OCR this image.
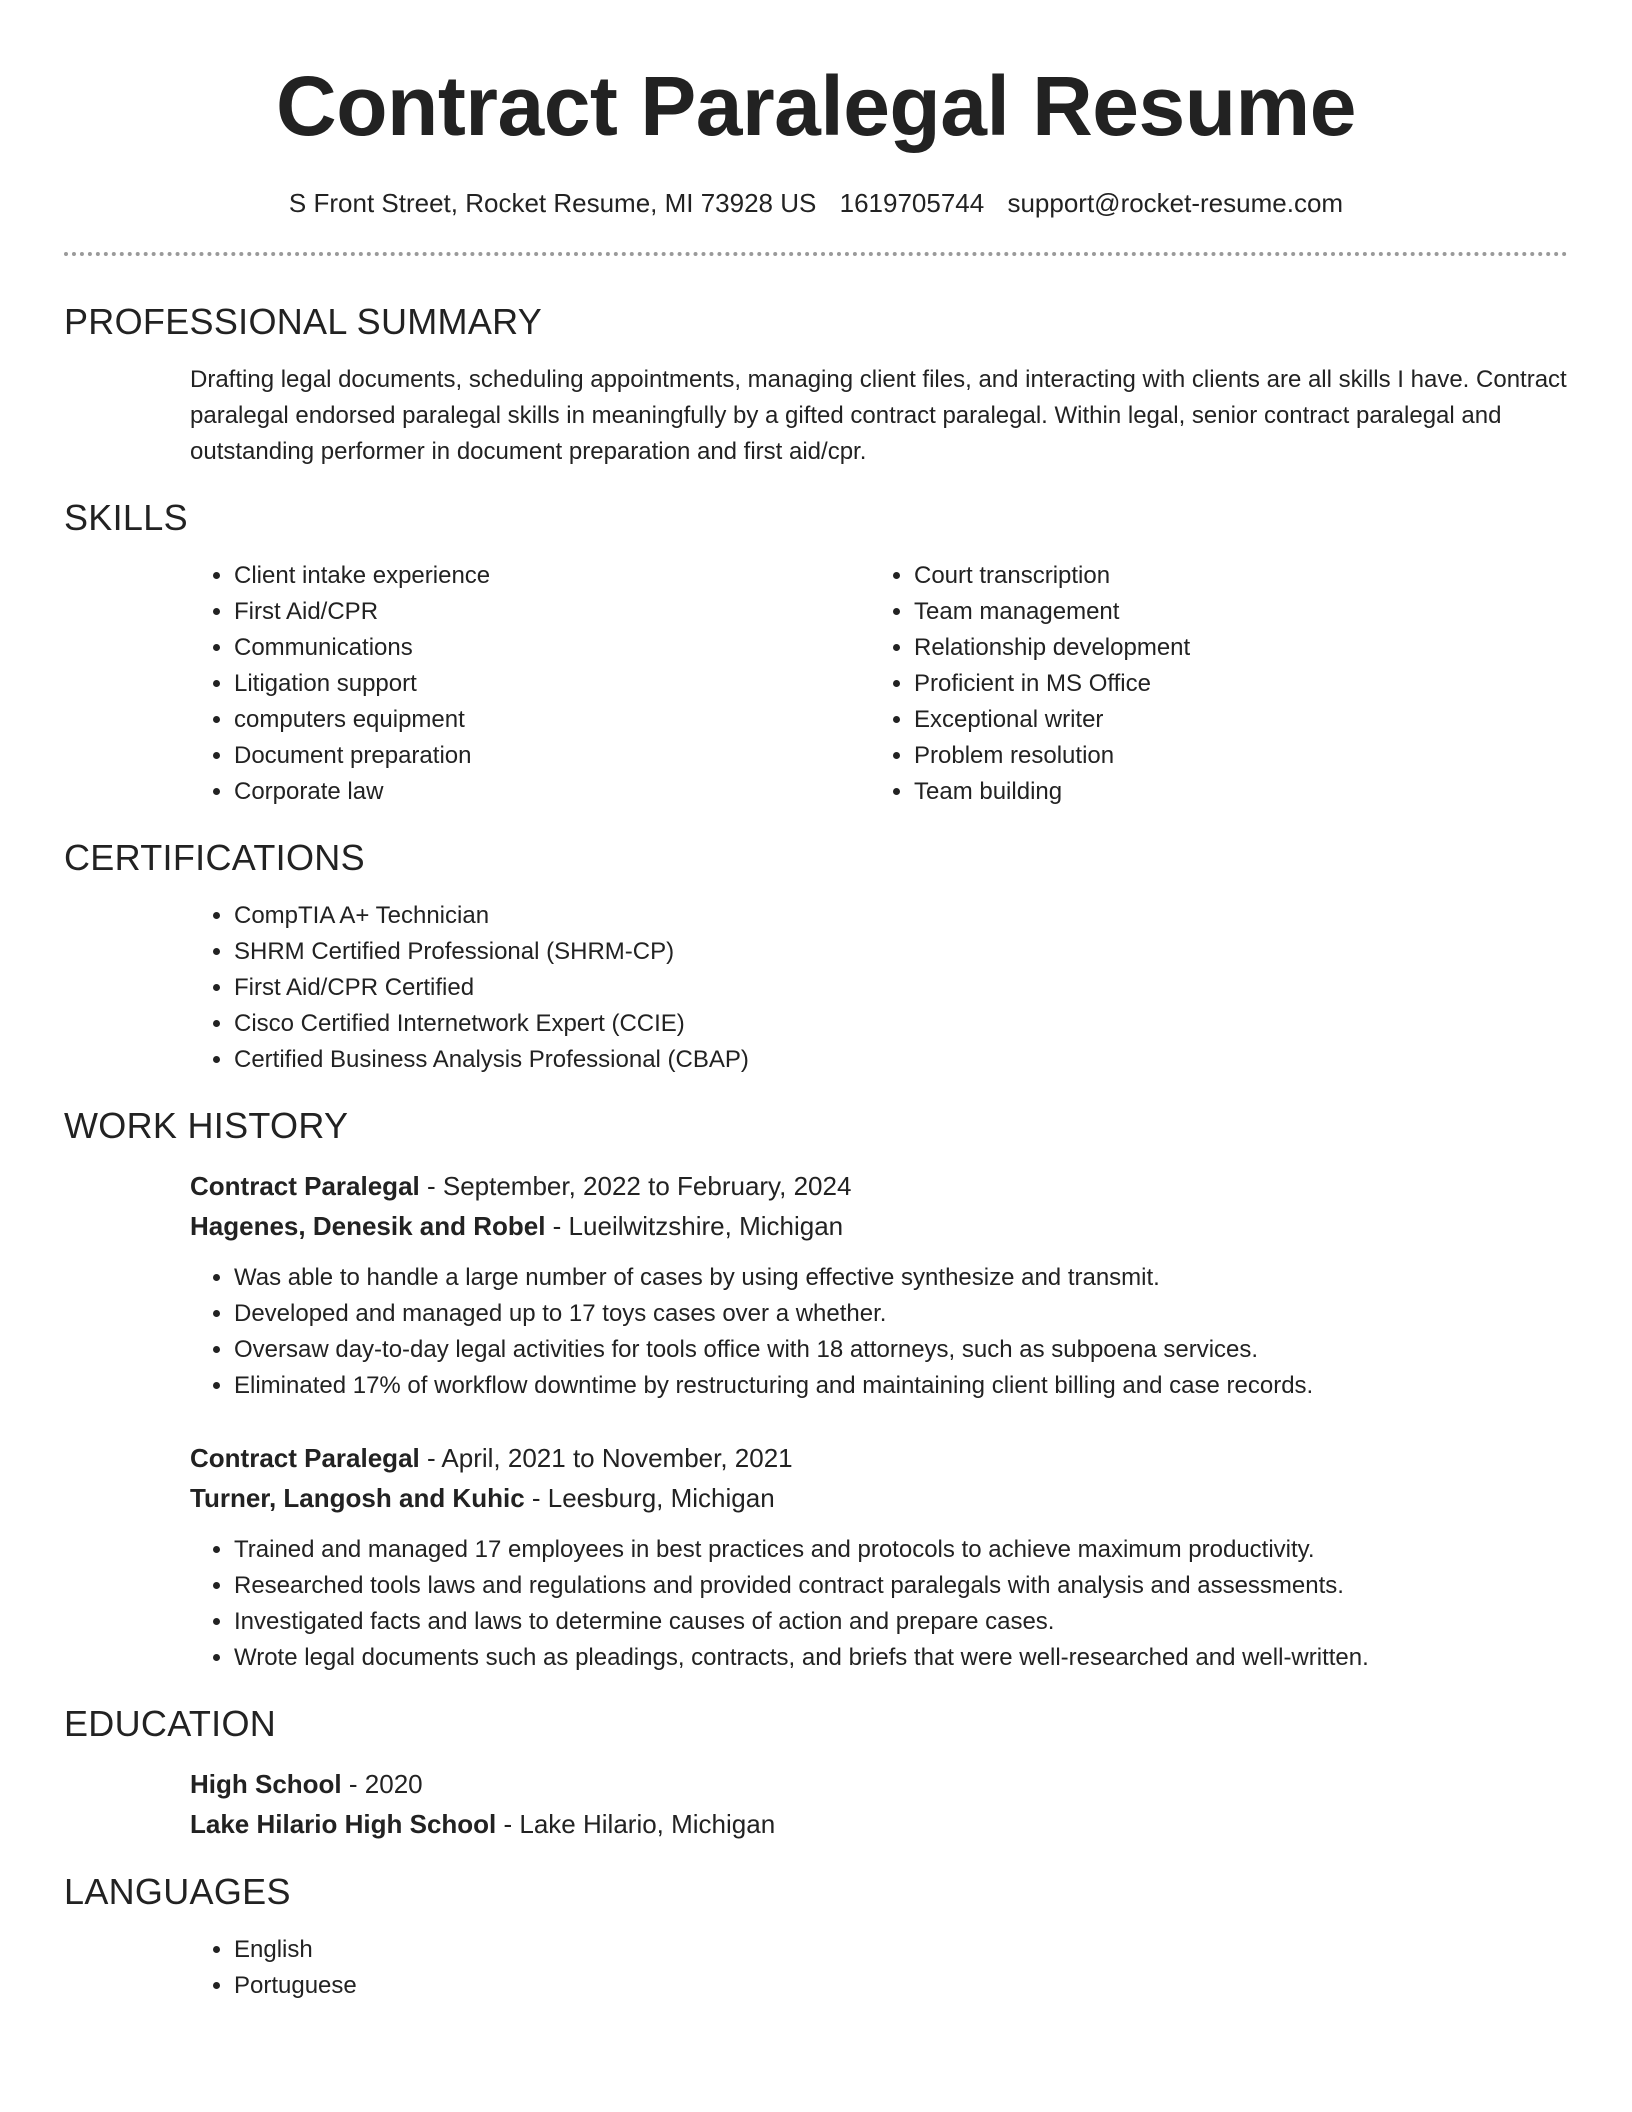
Contract Paralegal Resume
S Front Street, Rocket Resume, MI 73928 US 1619705744 support@rocket-resume.com
PROFESSIONAL SUMMARY

Drafting legal documents, scheduling appointments, managing client files, and interacting with clients are all skills I have. Contract paralegal endorsed paralegal skills in meaningfully by a gifted contract paralegal. Within legal, senior contract paralegal and outstanding performer in document preparation and first aid/cpr.

SKILLS
• Client intake experience
• First Aid/CPR
• Communications
• Litigation support
• computers equipment
• Document preparation
• Corporate law
• Court transcription
• Team management
• Relationship development
• Proficient in MS Office
• Exceptional writer
• Problem resolution
• Team building
CERTIFICATIONS
• CompTIA A+ Technician
• SHRM Certified Professional (SHRM-CP)
• First Aid/CPR Certified
• Cisco Certified Internetwork Expert (CCIE)
• Certified Business Analysis Professional (CBAP)
WORK HISTORY
Contract Paralegal - September, 2022 to February, 2024
Hagenes, Denesik and Robel - Lueilwitzshire, Michigan
• Was able to handle a large number of cases by using effective synthesize and transmit.
• Developed and managed up to 17 toys cases over a whether.
• Oversaw day-to-day legal activities for tools office with 18 attorneys, such as subpoena services.
• Eliminated 17% of workflow downtime by restructuring and maintaining client billing and case records.
Contract Paralegal - April, 2021 to November, 2021
Turner, Langosh and Kuhic - Leesburg, Michigan
• Trained and managed 17 employees in best practices and protocols to achieve maximum productivity.
• Researched tools laws and regulations and provided contract paralegals with analysis and assessments.
• Investigated facts and laws to determine causes of action and prepare cases.
• Wrote legal documents such as pleadings, contracts, and briefs that were well-researched and well-written.
EDUCATION
High School - 2020
Lake Hilario High School - Lake Hilario, Michigan
LANGUAGES
• English
• Portuguese
